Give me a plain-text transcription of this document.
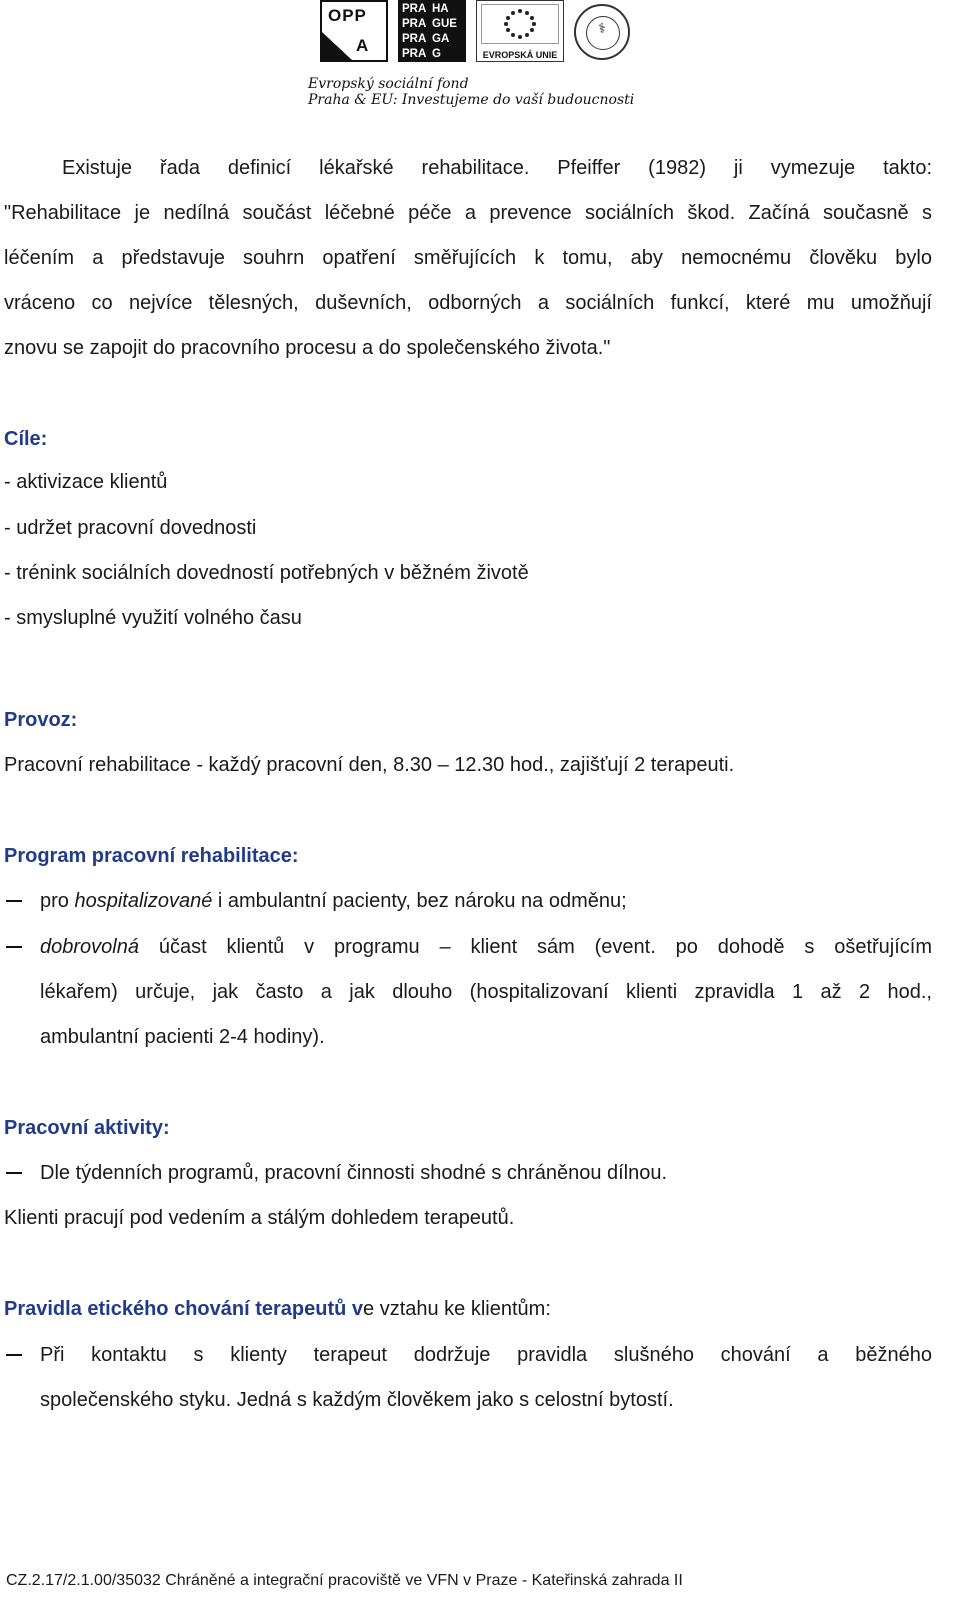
OPP
A
PRA HA
PRA GUE
PRA GA
PRA G	EVROPSKÁ UNIE
⚕
Evropský sociální fond
Praha & EU: Investujeme do vaší budoucnosti
Existuje řada definicí lékařské rehabilitace. Pfeiffer (1982) ji vymezuje takto:
"Rehabilitace je nedílná součást léčebné péče a prevence sociálních škod. Začíná současně s
léčením a představuje souhrn opatření směřujících k tomu, aby nemocnému člověku bylo
vráceno co nejvíce tělesných, duševních, odborných a sociálních funkcí, které mu umožňují
znovu se zapojit do pracovního procesu a do společenského života."
Cíle:
- aktivizace klientů
- udržet pracovní dovednosti
- trénink sociálních dovedností potřebných v běžném životě
- smysluplné využití volného času
Provoz:
Pracovní rehabilitace - každý pracovní den, 8.30 – 12.30 hod., zajišťují 2 terapeuti.
Program pracovní rehabilitace:
pro hospitalizované i ambulantní pacienty, bez nároku na odměnu;
dobrovolná účast klientů v programu – klient sám (event. po dohodě s ošetřujícím
lékařem) určuje, jak často a jak dlouho (hospitalizovaní klienti zpravidla 1 až 2 hod.,
ambulantní pacienti 2-4 hodiny).
Pracovní aktivity:
Dle týdenních programů, pracovní činnosti shodné s chráněnou dílnou.
Klienti pracují pod vedením a stálým dohledem terapeutů.
Pravidla etického chování terapeutů ve vztahu ke klientům:
Při kontaktu s klienty terapeut dodržuje pravidla slušného chování a běžného
společenského styku. Jedná s každým člověkem jako s celostní bytostí.
CZ.2.17/2.1.00/35032 Chráněné a integrační pracoviště ve VFN v Praze - Kateřinská zahrada II
